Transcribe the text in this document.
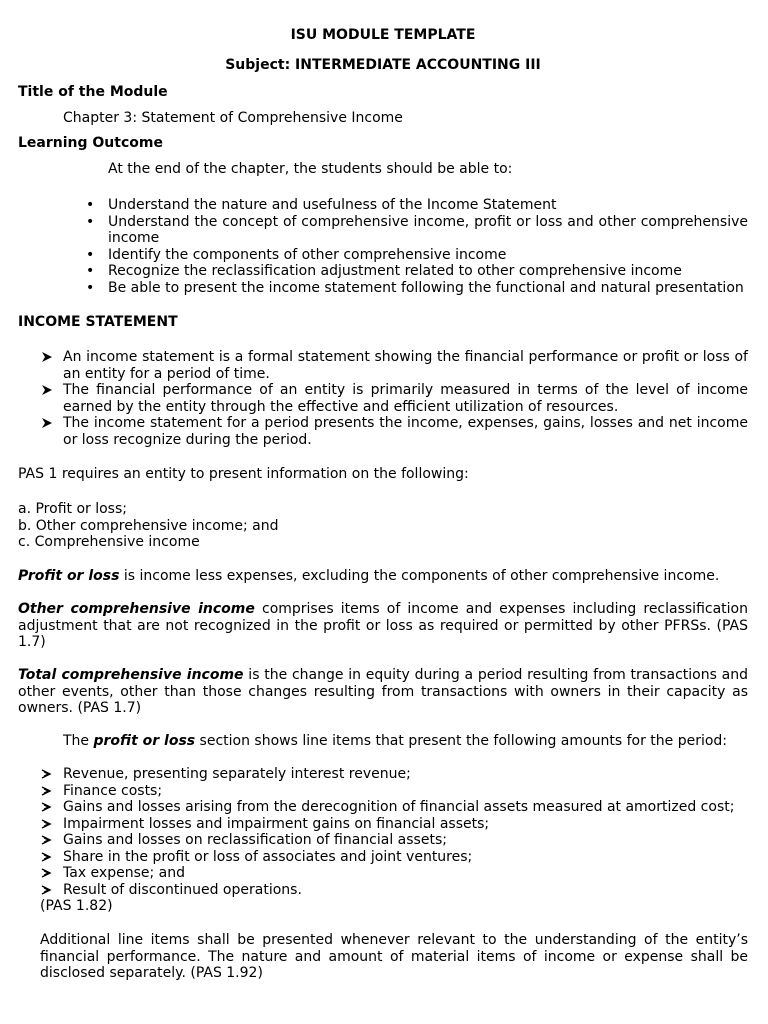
ISU MODULE TEMPLATE
Subject: INTERMEDIATE ACCOUNTING III
Title of the Module
Chapter 3: Statement of Comprehensive Income
Learning Outcome
At the end of the chapter, the students should be able to:
• Understand the nature and usefulness of the Income Statement
• Understand the concept of comprehensive income, profit or loss and other comprehensive income
• Identify the components of other comprehensive income
• Recognize the reclassification adjustment related to other comprehensive income
• Be able to present the income statement following the functional and natural presentation
INCOME STATEMENT
An income statement is a formal statement showing the financial performance or profit or loss of an entity for a period of time.
The financial performance of an entity is primarily measured in terms of the level of income earned by the entity through the effective and efficient utilization of resources.
The income statement for a period presents the income, expenses, gains, losses and net income or loss recognize during the period.
PAS 1 requires an entity to present information on the following:
a. Profit or loss;
b. Other comprehensive income; and
c. Comprehensive income
Profit or loss is income less expenses, excluding the components of other comprehensive income.
Other comprehensive income comprises items of income and expenses including reclassification adjustment that are not recognized in the profit or loss as required or permitted by other PFRSs. (PAS 1.7)
Total comprehensive income is the change in equity during a period resulting from transactions and other events, other than those changes resulting from transactions with owners in their capacity as owners. (PAS 1.7)
The profit or loss section shows line items that present the following amounts for the period:
Revenue, presenting separately interest revenue;
Finance costs;
Gains and losses arising from the derecognition of financial assets measured at amortized cost;
Impairment losses and impairment gains on financial assets;
Gains and losses on reclassification of financial assets;
Share in the profit or loss of associates and joint ventures;
Tax expense; and
Result of discontinued operations.
(PAS 1.82)
Additional line items shall be presented whenever relevant to the understanding of the entity’s financial performance. The nature and amount of material items of income or expense shall be disclosed separately. (PAS 1.92)
